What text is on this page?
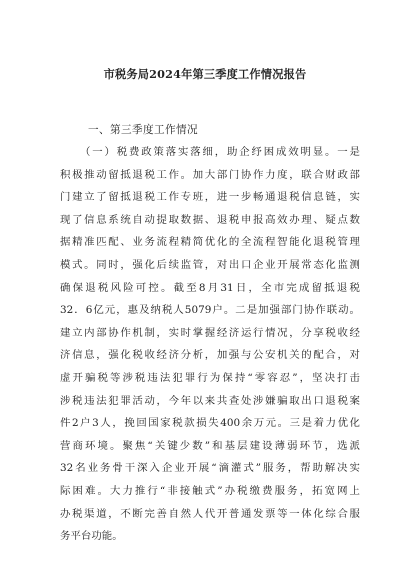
市税务局2024年第三季度工作情况报告
一、第三季度工作情况
（一）税费政策落实落细，助企纾困成效明显。一是
积极推动留抵退税工作。加大部门协作力度，联合财政部
门建立了留抵退税工作专班，进一步畅通退税信息链，实
现了信息系统自动提取数据、退税申报高效办理、疑点数
据精准匹配、业务流程精简优化的全流程智能化退税管理
模式。同时，强化后续监管，对出口企业开展常态化监测
确保退税风险可控。截至8月31日，全市完成留抵退税
32．6亿元，惠及纳税人5079户。二是加强部门协作联动。
建立内部协作机制，实时掌握经济运行情况，分享税收经
济信息，强化税收经济分析，加强与公安机关的配合，对
虚开骗税等涉税违法犯罪行为保持“零容忍”，坚决打击
涉税违法犯罪活动，今年以来共查处涉嫌骗取出口退税案
件2户3人，挽回国家税款损失400余万元。三是着力优化
营商环境。聚焦“关键少数”和基层建设薄弱环节，选派
32名业务骨干深入企业开展“滴灌式”服务，帮助解决实
际困难。大力推行“非接触式”办税缴费服务，拓宽网上
办税渠道，不断完善自然人代开普通发票等一体化综合服
务平台功能。
